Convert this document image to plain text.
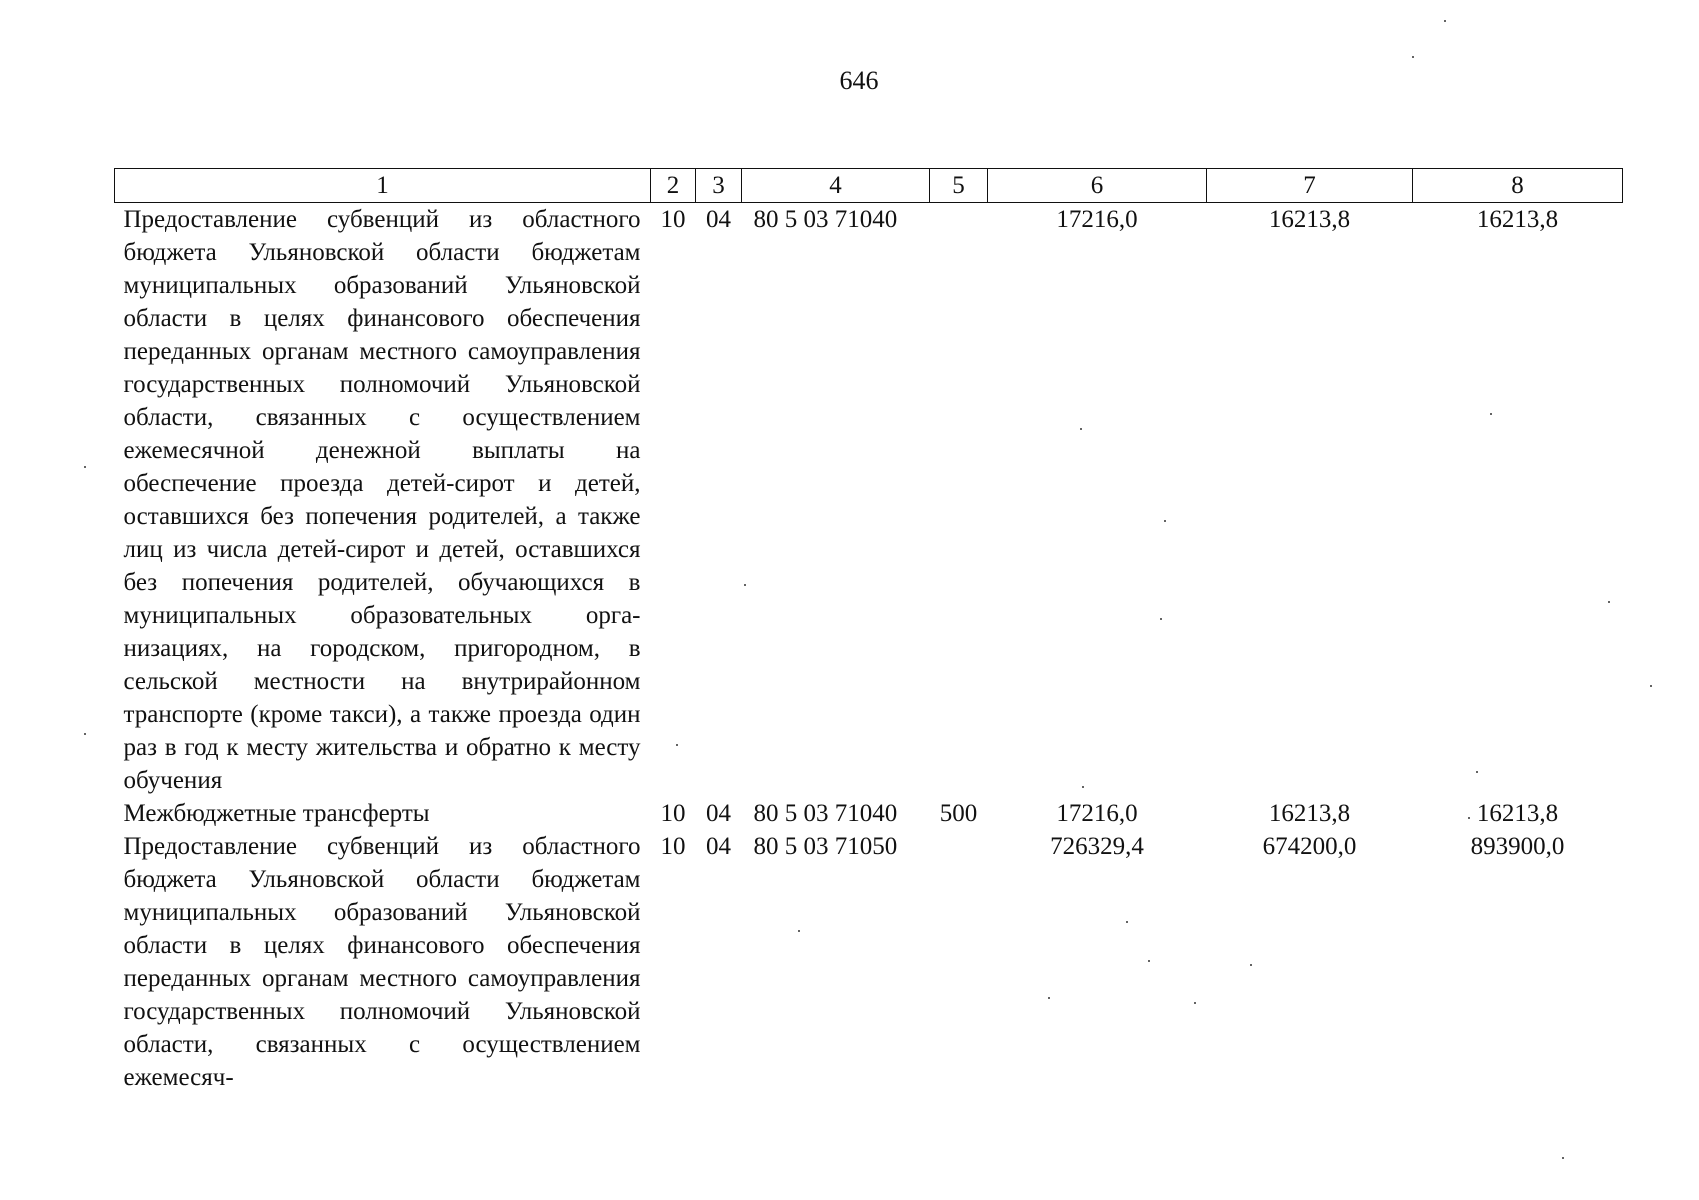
646
1	2	3	4	5	6	7	8
Предоставление субвенций из областного бюджета Ульяновской области бюджетам муниципальных образований Ульяновской области в целях финансового обеспечения переданных органам местного самоуправления государственных полномочий Ульяновской области, связанных с осуществлением ежемесячной денежной выплаты на обеспечение проезда детей-сирот и детей, оставшихся без попечения родителей, а также лиц из числа детей-сирот и детей, оставшихся без попечения родителей, обучающихся в муниципальных образовательных организациях, на городском, пригородном, в сельской местности на внутрирайонном транспорте (кроме такси), а также проезда один раз в год к месту жительства и обратно к месту обучения	10	04	80 5 03 71040		17216,0	16213,8	16213,8
Межбюджетные трансферты	10	04	80 5 03 71040	500	17216,0	16213,8	16213,8
Предоставление субвенций из областного бюджета Ульяновской области бюджетам муниципальных образований Ульяновской области в целях финансового обеспечения переданных органам местного самоуправления государственных полномочий Ульяновской области, связанных с осуществлением ежемесяч-	10	04	80 5 03 71050		726329,4	674200,0	893900,0
